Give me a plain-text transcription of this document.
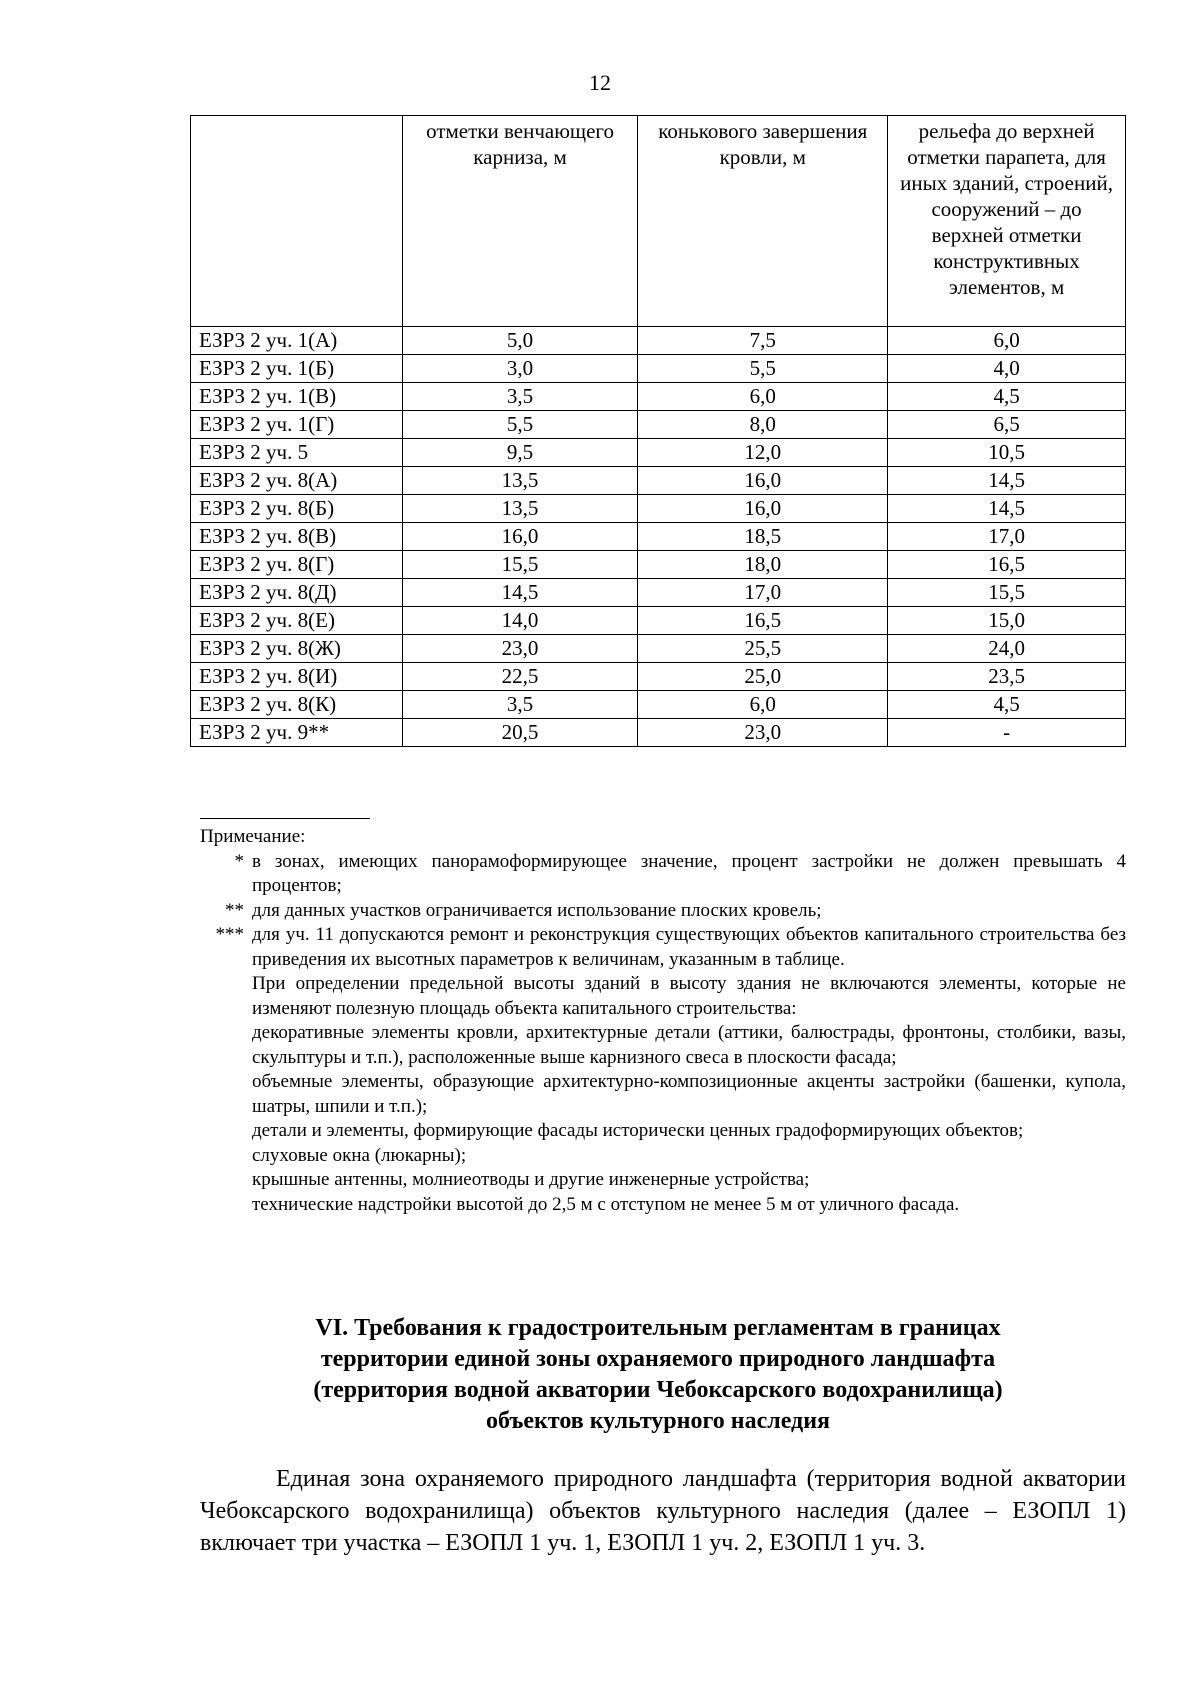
12
	отметки венчающего карниза, м	конькового завершения кровли, м	рельефа до верхней отметки парапета, для иных зданий, строений, сооружений – до верхней отметки конструктивных элементов, м
ЕЗРЗ 2 уч. 1(А)	5,0	7,5	6,0
ЕЗРЗ 2 уч. 1(Б)	3,0	5,5	4,0
ЕЗРЗ 2 уч. 1(В)	3,5	6,0	4,5
ЕЗРЗ 2 уч. 1(Г)	5,5	8,0	6,5
ЕЗРЗ 2 уч. 5	9,5	12,0	10,5
ЕЗРЗ 2 уч. 8(А)	13,5	16,0	14,5
ЕЗРЗ 2 уч. 8(Б)	13,5	16,0	14,5
ЕЗРЗ 2 уч. 8(В)	16,0	18,5	17,0
ЕЗРЗ 2 уч. 8(Г)	15,5	18,0	16,5
ЕЗРЗ 2 уч. 8(Д)	14,5	17,0	15,5
ЕЗРЗ 2 уч. 8(Е)	14,0	16,5	15,0
ЕЗРЗ 2 уч. 8(Ж)	23,0	25,5	24,0
ЕЗРЗ 2 уч. 8(И)	22,5	25,0	23,5
ЕЗРЗ 2 уч. 8(К)	3,5	6,0	4,5
ЕЗРЗ 2 уч. 9**	20,5	23,0	-
Примечание:
* в зонах, имеющих панорамоформирующее значение, процент застройки не должен превышать 4 процентов;
** для данных участков ограничивается использование плоских кровель;
*** для уч. 11 допускаются ремонт и реконструкция существующих объектов капитального строительства без приведения их высотных параметров к величинам, указанным в таблице.
При определении предельной высоты зданий в высоту здания не включаются элементы, которые не изменяют полезную площадь объекта капитального строительства:
декоративные элементы кровли, архитектурные детали (аттики, балюстрады, фронтоны, столбики, вазы, скульптуры и т.п.), расположенные выше карнизного свеса в плоскости фасада;
объемные элементы, образующие архитектурно-композиционные акценты застройки (башенки, купола, шатры, шпили и т.п.);
детали и элементы, формирующие фасады исторически ценных градоформирующих объектов;
слуховые окна (люкарны);
крышные антенны, молниеотводы и другие инженерные устройства;
технические надстройки высотой до 2,5 м с отступом не менее 5 м от уличного фасада.
VI. Требования к градостроительным регламентам в границах
территории единой зоны охраняемого природного ландшафта
(территория водной акватории Чебоксарского водохранилища)
объектов культурного наследия
Единая зона охраняемого природного ландшафта (территория водной акватории Чебоксарского водохранилища) объектов культурного наследия (далее – ЕЗОПЛ 1) включает три участка – ЕЗОПЛ 1 уч. 1, ЕЗОПЛ 1 уч. 2, ЕЗОПЛ 1 уч. 3.
